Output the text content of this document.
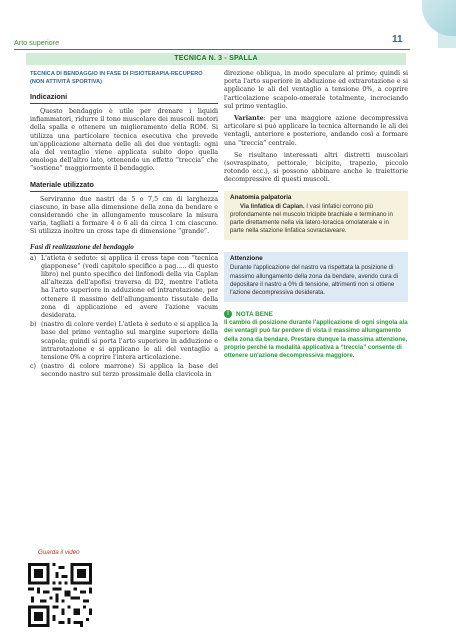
Arto superiore	11
TECNICA N. 3 - SPALLA
TECNICA DI BENDAGGIO IN FASE DI FISIOTERAPIA-RECUPERO
(NON ATTIVITÀ SPORTIVA)
Indicazioni

Questo bendaggio è utile per drenare i liquidi infiammatori, ridurre il tono muscolare dei muscoli motori della spalla e ottenere un miglioramento della ROM. Si utilizza una particolare tecnica esecutiva che prevede un'applicazione alternata delle ali dei due ventagli: ogni ala del ventaglio viene applicata subito dopo quella omologa dell'altro lato, ottenendo un effetto “treccia” che “sostiene” maggiormente il bendaggio.

Materiale utilizzato

Serviranno due nastri da 5 o 7,5 cm di larghezza ciascuno, in base alla dimensione della zona da bendare e considerando che in allungamento muscolare la misura varia, tagliati a formare 4 o 6 ali da circa 1 cm ciascuno. Si utilizza inoltre un cross tape di dimensione “grande”.

Fasi di realizzazione del bendaggio
a) L'atleta è seduto: si applica il cross tape con “tecnica giapponese” (vedi capitolo specifico a pag..... di questo libro) nel punto specifico dei linfonodi della via Caplan all'altezza dell'apofisi traversa di D2, mentre l'atleta ha l'arto superiore in adduzione ed intrarotazione, per ottenere il massimo dell'allungamento tissutale della zona di applicazione ed avere l'azione vacum desiderata.
b) (nastro di colore verde) L'atleta è seduto e si applica la base del primo ventaglio sul margine superiore della scapola; quindi si porta l'arto superiore in adduzione e intrarotazione e si applicano le ali del ventaglio a tensione 0% a coprire l'intera articolazione.
c) (nastro di colore marrone) Si applica la base del secondo nastro sul terzo prossimale della clavicola in

direzione obliqua, in modo speculare al primo; quindi si porta l'arto superiore in abduzione ed extrarotazione e si applicano le ali del ventaglio a tensione 0%, a coprire l'articolazione scapolo-omerale totalmente, incrociando sul primo ventaglio.

Variante: per una maggiore azione decompressiva articolare si può applicare la tecnica alternando le ali dei ventagli, anteriore e posteriore, andando così a formare una “treccia” centrale.

Se risultano interessati altri distretti muscolari (sovraspinato, pettorale, bicipite, trapezio, piccolo rotondo ecc.), si possono abbinare anche le traiettorie decompressive di questi muscoli.

Anatomia palpatoria

Via linfatica di Caplan. I vasi linfatici corrono più profondamente nel muscolo tricipite brachiale e terminano in parte direttamente nella via latero-toracica omolaterale e in parte nella stazione linfatica sovraclaveare.

Attenzione

Durante l'applicazione del nastro va rispettata la posizione di massimo allungamento della zona da bendare, avendo cura di depositare il nastro a 0% di tensione, altrimenti non si ottiene l'azione decompressiva desiderata.

!	NOTA BENE

Il cambio di posizione durante l'applicazione di ogni singola ala dei ventagli può far perdere di vista il massimo allungamento della zona da bendare. Prestare dunque la massima attenzione, proprio perché la modalità applicativa a “treccia” consente di ottenere un'azione decompressiva maggiore.

Guarda il video
